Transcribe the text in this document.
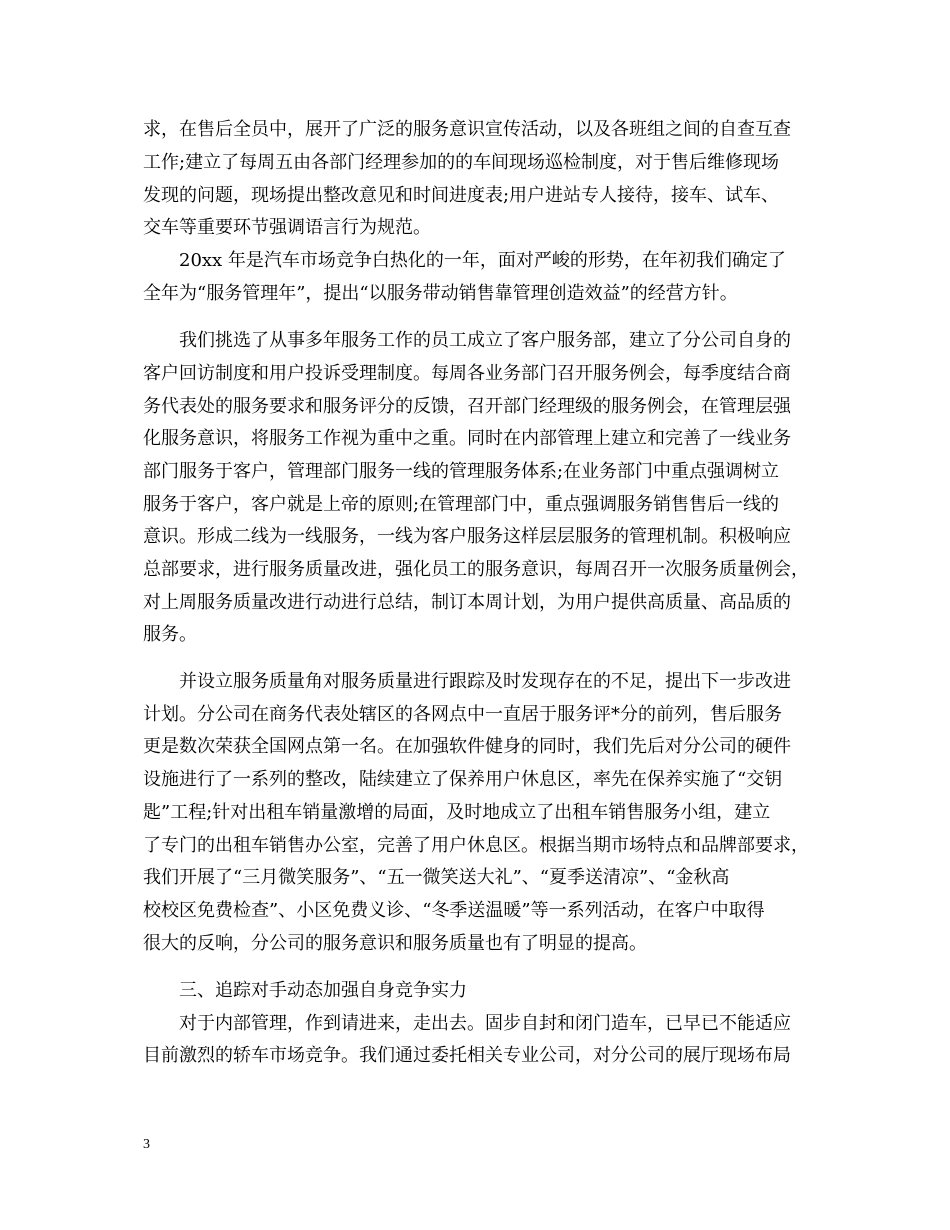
求，在售后全员中，展开了广泛的服务意识宣传活动，以及各班组之间的自查互查
工作;建立了每周五由各部门经理参加的的车间现场巡检制度，对于售后维修现场
发现的问题，现场提出整改意见和时间进度表;用户进站专人接待，接车、试车、
交车等重要环节强调语言行为规范。
20xx 年是汽车市场竞争白热化的一年，面对严峻的形势，在年初我们确定了
全年为“服务管理年”，提出“以服务带动销售靠管理创造效益”的经营方针。
我们挑选了从事多年服务工作的员工成立了客户服务部，建立了分公司自身的
客户回访制度和用户投诉受理制度。每周各业务部门召开服务例会，每季度结合商
务代表处的服务要求和服务评分的反馈，召开部门经理级的服务例会，在管理层强
化服务意识，将服务工作视为重中之重。同时在内部管理上建立和完善了一线业务
部门服务于客户，管理部门服务一线的管理服务体系;在业务部门中重点强调树立
服务于客户，客户就是上帝的原则;在管理部门中，重点强调服务销售售后一线的
意识。形成二线为一线服务，一线为客户服务这样层层服务的管理机制。积极响应
总部要求，进行服务质量改进，强化员工的服务意识，每周召开一次服务质量例会，
对上周服务质量改进行动进行总结，制订本周计划，为用户提供高质量、高品质的
服务。
并设立服务质量角对服务质量进行跟踪及时发现存在的不足，提出下一步改进
计划。分公司在商务代表处辖区的各网点中一直居于服务评*分的前列，售后服务
更是数次荣获全国网点第一名。在加强软件健身的同时，我们先后对分公司的硬件
设施进行了一系列的整改，陆续建立了保养用户休息区，率先在保养实施了“交钥
匙”工程;针对出租车销量激增的局面，及时地成立了出租车销售服务小组，建立
了专门的出租车销售办公室，完善了用户休息区。根据当期市场特点和品牌部要求，
我们开展了“三月微笑服务”、“五一微笑送大礼”、“夏季送清凉”、“金秋高
校校区免费检查”、小区免费义诊、“冬季送温暖”等一系列活动，在客户中取得
很大的反响，分公司的服务意识和服务质量也有了明显的提高。
三、追踪对手动态加强自身竞争实力
对于内部管理，作到请进来，走出去。固步自封和闭门造车，已早已不能适应
目前激烈的轿车市场竞争。我们通过委托相关专业公司，对分公司的展厅现场布局
3
